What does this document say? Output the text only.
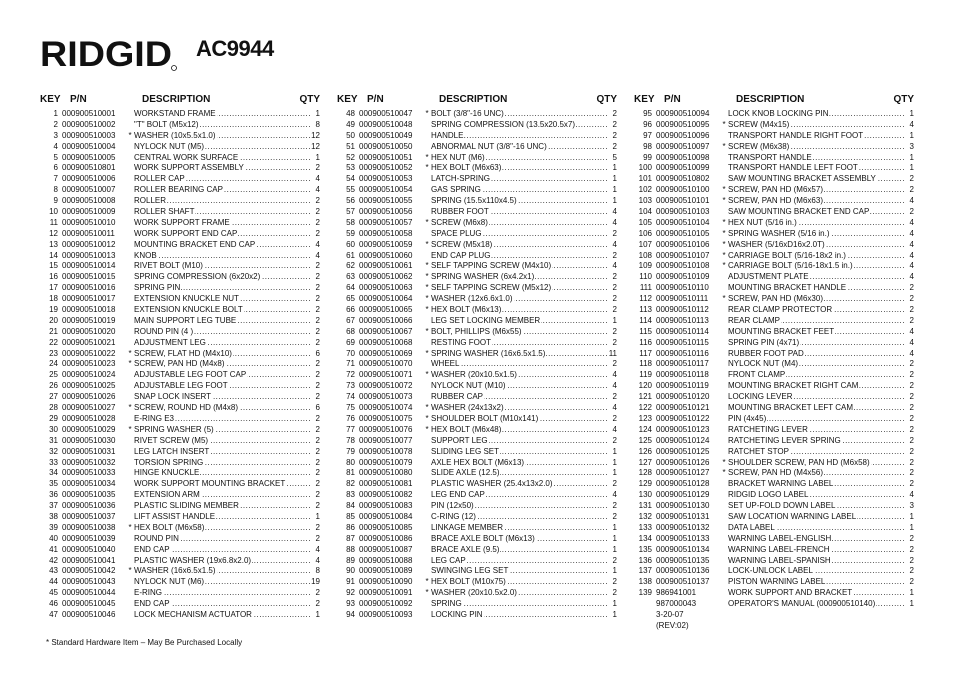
RIDGID AC9944
KEY P/N	DESCRIPTION	QTY
1 000900510001	WORKSTAND FRAME .....	1
2 000900510002	"T" BOLT (M5x12) .....	8
3 000900510003	* WASHER (10x5.5x1.0) .....	12
4 000900510004	NYLOCK NUT (M5) .....	12
5 000900510005	CENTRAL WORK SURFACE .....	1
6 000900510801	WORK SUPPORT ASSEMBLY .....	2
7 000900510006	ROLLER CAP .....	4
8 000900510007	ROLLER BEARING CAP .....	4
9 000900510008	ROLLER .....	2
10 000900510009	ROLLER SHAFT .....	2
11 000900510010	WORK SUPPORT FRAME .....	2
12 000900510011	WORK SUPPORT END CAP .....	2
13 000900510012	MOUNTING BRACKET END CAP .....	4
14 000900510013	KNOB .....	4
15 000900510014	RIVET BOLT (M10) .....	2
16 000900510015	SPRING COMPRESSION (6x20x2) .....	2
17 000900510016	SPRING PIN .....	2
18 000900510017	EXTENSION KNUCKLE NUT .....	2
19 000900510018	EXTENSION KNUCKLE BOLT .....	2
20 000900510019	MAIN SUPPORT LEG TUBE .....	2
21 000900510020	ROUND PIN (4 ) .....	2
22 000900510021	ADJUSTMENT LEG .....	2
23 000900510022	* SCREW, FLAT HD (M4x10) .....	6
24 000900510023	* SCREW, PAN HD (M4x8) .....	2
25 000900510024	ADJUSTABLE LEG FOOT CAP .....	2
26 000900510025	ADJUSTABLE LEG FOOT .....	2
27 000900510026	SNAP LOCK INSERT .....	2
28 000900510027	* SCREW, ROUND HD (M4x8) .....	6
29 000900510028	E-RING E3 .....	2
30 000900510029	* SPRING WASHER (5) .....	2
31 000900510030	RIVET SCREW (M5) .....	2
32 000900510031	LEG LATCH INSERT .....	2
33 000900510032	TORSION SPRING .....	2
34 000900510033	HINGE KNUCKLE .....	2
35 000900510034	WORK SUPPORT MOUNTING BRACKET .....	2
36 000900510035	EXTENSION ARM .....	2
37 000900510036	PLASTIC SLIDING MEMBER .....	2
38 000900510037	LIFT ASSIST HANDLE .....	1
39 000900510038	* HEX BOLT (M6x58) .....	2
40 000900510039	ROUND PIN .....	2
41 000900510040	END CAP .....	4
42 000900510041	PLASTIC WASHER (19x6.8x2.0) .....	4
43 000900510042	* WASHER (16x6.5x1.5) .....	8
44 000900510043	NYLOCK NUT (M6) .....	19
45 000900510044	E-RING .....	2
46 000900510045	END CAP .....	2
47 000900510046	LOCK MECHANISM ACTUATOR .....	1
KEY P/N	DESCRIPTION	QTY
48 000900510047	* BOLT (3/8"-16 UNC) .....	2
49 000900510048	SPRING COMPRESSION (13.5x20.5x7) .....	2
50 000900510049	HANDLE .....	2
51 000900510050	ABNORMAL NUT (3/8"-16 UNC) .....	2
52 000900510051	* HEX NUT (M6) .....	5
53 000900510052	* HEX BOLT (M6x63) .....	1
54 000900510053	LATCH-SPRING .....	1
55 000900510054	GAS SPRING .....	1
56 000900510055	SPRING (15.5x110x4.5) .....	1
57 000900510056	RUBBER FOOT .....	4
58 000900510057	* SCREW (M6x8) .....	4
59 000900510058	SPACE PLUG .....	2
60 000900510059	* SCREW (M5x18) .....	4
61 000900510060	END CAP PLUG .....	2
62 000900510061	* SELF TAPPING SCREW (M4x10) .....	4
63 000900510062	* SPRING WASHER (6x4.2x1) .....	2
64 000900510063	* SELF TAPPING SCREW (M5x12) .....	2
65 000900510064	* WASHER (12x6.6x1.0) .....	2
66 000900510065	* HEX BOLT (M6x13) .....	2
67 000900510066	LEG SET LOCKING MEMBER .....	1
68 000900510067	* BOLT, PHILLIPS (M6x55) .....	2
69 000900510068	RESTING FOOT .....	2
70 000900510069	* SPRING WASHER (16x6.5x1.5) .....	11
71 000900510070	WHEEL .....	2
72 000900510071	* WASHER (20x10.5x1.5) .....	4
73 000900510072	NYLOCK NUT (M10) .....	4
74 000900510073	RUBBER CAP .....	2
75 000900510074	* WASHER (24x13x2) .....	4
76 000900510075	* SHOULDER BOLT (M10x141) .....	2
77 000900510076	* HEX BOLT (M6x48) .....	4
78 000900510077	SUPPORT LEG .....	2
79 000900510078	SLIDING LEG SET .....	1
80 000900510079	AXLE HEX BOLT (M6x13) .....	1
81 000900510080	SLIDE AXLE (12.5) .....	1
82 000900510081	PLASTIC WASHER (25.4x13x2.0) .....	2
83 000900510082	LEG END CAP .....	4
84 000900510083	PIN (12x50) .....	2
85 000900510084	C-RING (12) .....	2
86 000900510085	LINKAGE MEMBER .....	1
87 000900510086	BRACE AXLE BOLT (M6x13) .....	1
88 000900510087	BRACE AXLE (9.5) .....	1
89 000900510088	LEG CAP .....	2
90 000900510089	SWINGING LEG SET .....	1
91 000900510090	* HEX BOLT (M10x75) .....	2
92 000900510091	* WASHER (20x10.5x2.0) .....	2
93 000900510092	SPRING .....	1
94 000900510093	LOCKING PIN .....	1
KEY P/N	DESCRIPTION	QTY
95 000900510094	LOCK KNOB LOCKING PIN .....	1
96 000900510095	* SCREW (M4x15) .....	4
97 000900510096	TRANSPORT HANDLE RIGHT FOOT .....	1
98 000900510097	* SCREW (M6x38) .....	3
99 000900510098	TRANSPORT HANDLE .....	1
100 000900510099	TRANSPORT HANDLE LEFT FOOT .....	1
101 000900510802	SAW MOUNTING BRACKET ASSEMBLY .....	2
102 000900510100	* SCREW, PAN HD (M6x57) .....	2
103 000900510101	* SCREW, PAN HD (M6x63) .....	4
104 000900510103	SAW MOUNTING BRACKET END CAP .....	2
105 000900510104	* HEX NUT (5/16 in.) .....	4
106 000900510105	* SPRING WASHER (5/16 in.) .....	4
107 000900510106	* WASHER (5/16xD16x2.0T) .....	4
108 000900510107	* CARRIAGE BOLT (5/16-18x2 in.) .....	4
109 000900510108	* CARRIAGE BOLT (5/16-18x1.5 in.) .....	4
110 000900510109	ADJUSTMENT PLATE .....	4
111 000900510110	MOUNTING BRACKET HANDLE .....	2
112 000900510111	* SCREW, PAN HD (M6x30) .....	2
113 000900510112	REAR CLAMP PROTECTOR .....	2
114 000900510113	REAR CLAMP .....	2
115 000900510114	MOUNTING BRACKET FEET .....	4
116 000900510115	SPRING PIN (4x71) .....	4
117 000900510116	RUBBER FOOT PAD .....	4
118 000900510117	NYLOCK NUT (M4) .....	2
119 000900510118	FRONT CLAMP .....	2
120 000900510119	MOUNTING BRACKET RIGHT CAM .....	2
121 000900510120	LOCKING LEVER .....	2
122 000900510121	MOUNTING BRACKET LEFT CAM .....	2
123 000900510122	PIN (4x45) .....	2
124 000900510123	RATCHETING LEVER .....	2
125 000900510124	RATCHETING LEVER SPRING .....	2
126 000900510125	RATCHET STOP .....	2
127 000900510126	* SHOULDER SCREW, PAN HD (M6x58) .....	2
128 000900510127	* SCREW, PAN HD (M4x56) .....	2
129 000900510128	BRACKET WARNING LABEL .....	2
130 000900510129	RIDGID LOGO LABEL .....	4
131 000900510130	SET UP-FOLD DOWN LABEL .....	3
132 000900510131	SAW LOCATION WARNING LABEL .....	1
133 000900510132	DATA LABEL .....	1
134 000900510133	WARNING LABEL-ENGLISH .....	2
135 000900510134	WARNING LABEL-FRENCH .....	2
136 000900510135	WARNING LABEL-SPANISH .....	2
137 000900510136	LOCK-UNLOCK LABEL .....	2
138 000900510137	PISTON WARNING LABEL .....	2
139 986941001	WORK SUPPORT AND BRACKET .....	1
987000043	OPERATOR'S MANUAL (000900510140) .....	1
3-20-07
(REV:02)
* Standard Hardware Item – May Be Purchased Locally
